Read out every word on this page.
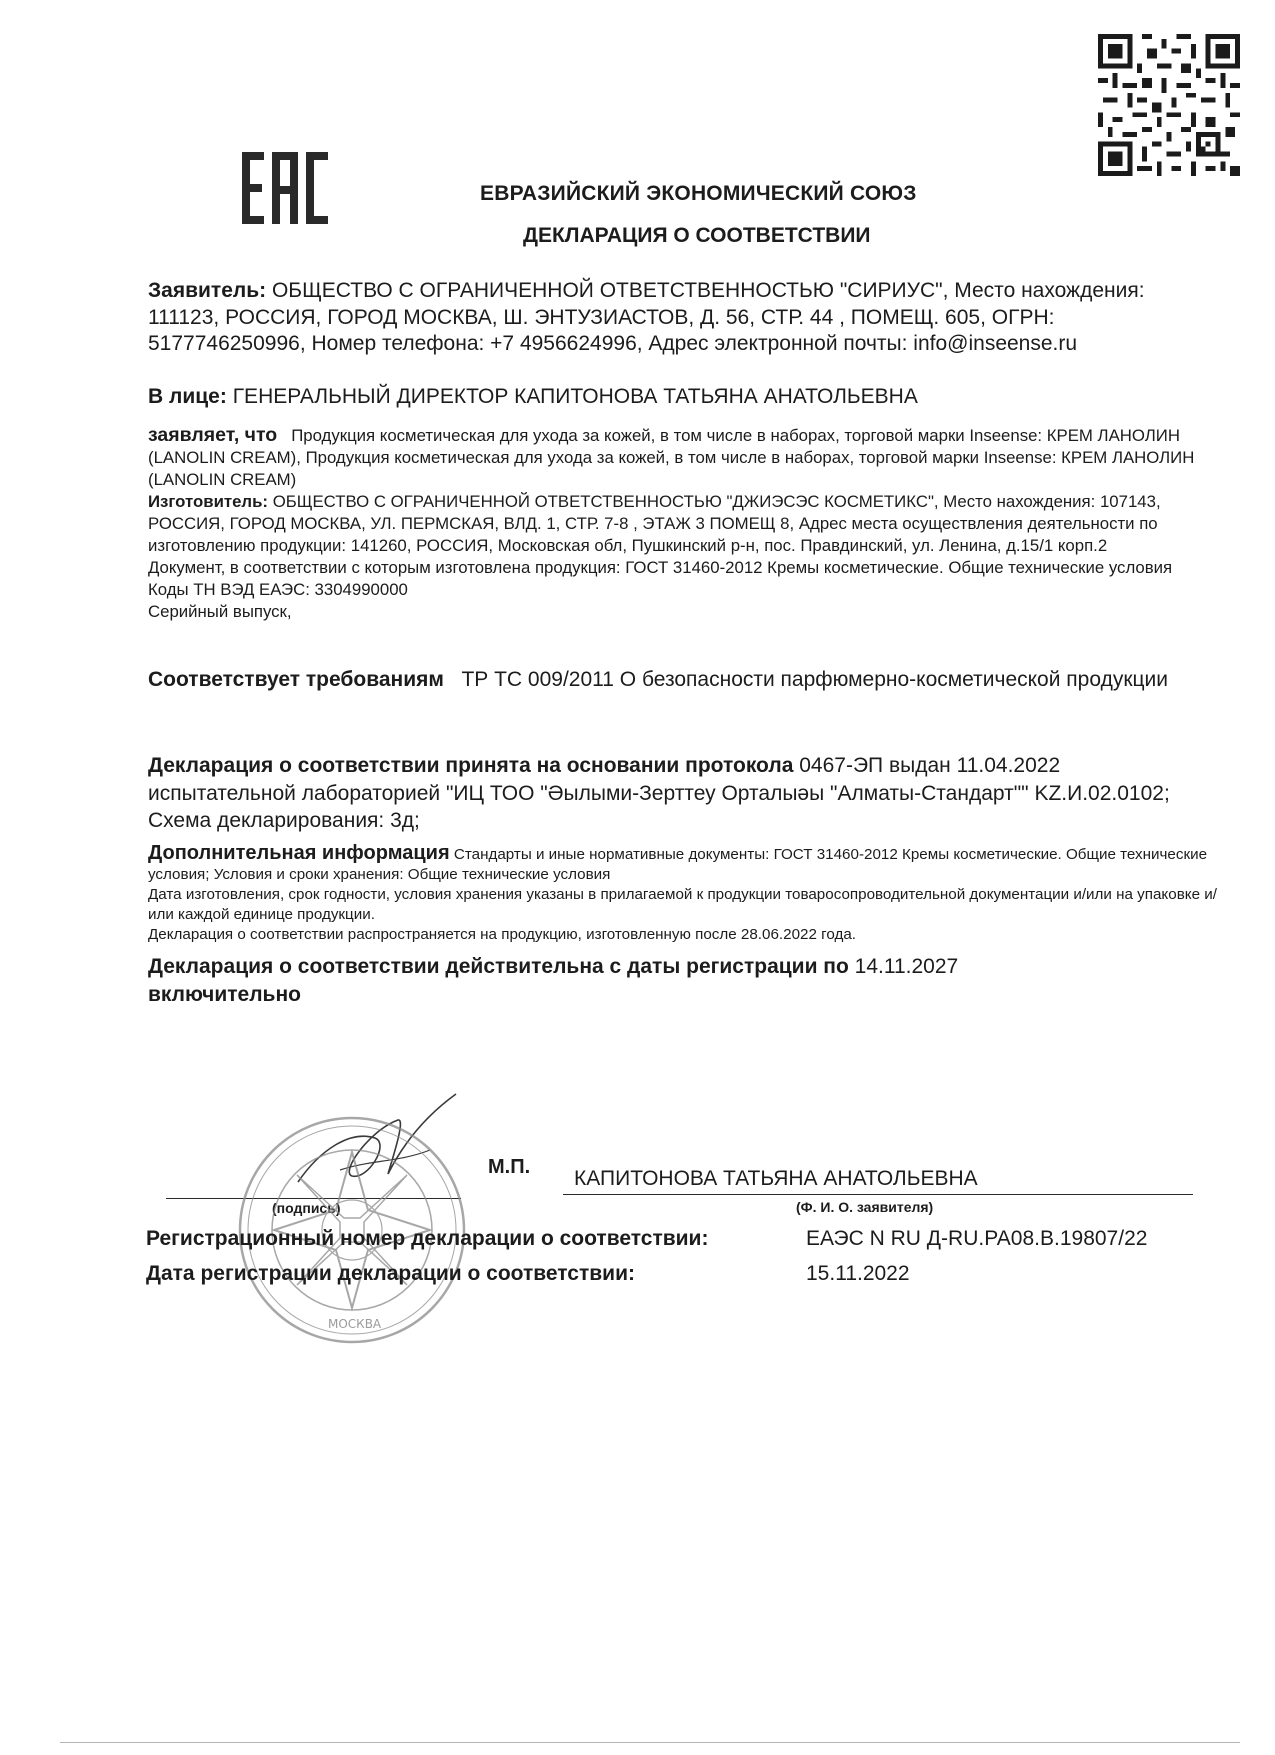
ЕВРАЗИЙСКИЙ ЭКОНОМИЧЕСКИЙ СОЮЗ
ДЕКЛАРАЦИЯ О СООТВЕТСТВИИ
Заявитель: ОБЩЕСТВО С ОГРАНИЧЕННОЙ ОТВЕТСТВЕННОСТЬЮ "СИРИУС", Место нахождения: 111123, РОССИЯ, ГОРОД МОСКВА, Ш. ЭНТУЗИАСТОВ, Д. 56, СТР. 44 , ПОМЕЩ. 605, ОГРН: 5177746250996, Номер телефона: +7 4956624996, Адрес электронной почты: info@inseense.ru
В лице: ГЕНЕРАЛЬНЫЙ ДИРЕКТОР КАПИТОНОВА ТАТЬЯНА АНАТОЛЬЕВНА

заявляет, что Продукция косметическая для ухода за кожей, в том числе в наборах, торговой марки Inseense: КРЕМ ЛАНОЛИН (LANOLIN CREAM), Продукция косметическая для ухода за кожей, в том числе в наборах, торговой марки Inseense: КРЕМ ЛАНОЛИН (LANOLIN CREAM)

Изготовитель: ОБЩЕСТВО С ОГРАНИЧЕННОЙ ОТВЕТСТВЕННОСТЬЮ "ДЖИЭСЭС КОСМЕТИКС", Место нахождения: 107143, РОССИЯ, ГОРОД МОСКВА, УЛ. ПЕРМСКАЯ, ВЛД. 1, СТР. 7-8 , ЭТАЖ 3 ПОМЕЩ 8, Адрес места осуществления деятельности по изготовлению продукции: 141260, РОССИЯ, Московская обл, Пушкинский р-н, пос. Правдинский, ул. Ленина, д.15/1 корп.2

Документ, в соответствии с которым изготовлена продукция: ГОСТ 31460-2012 Кремы косметические. Общие технические условия

Коды ТН ВЭД ЕАЭС: 3304990000

Серийный выпуск,

Соответствует требованиям ТР ТС 009/2011 О безопасности парфюмерно-косметической продукции
Декларация о соответствии принята на основании протокола 0467-ЭП выдан 11.04.2022 испытательной лабораторией "ИЦ ТОО "Әылыми-Зерттеу Орталыәы "Алматы-Стандарт"" KZ.И.02.0102; Схема декларирования: 3д;
Дополнительная информация Стандарты и иные нормативные документы: ГОСТ 31460-2012 Кремы косметические. Общие технические условия; Условия и сроки хранения: Общие технические условия
Дата изготовления, срок годности, условия хранения указаны в прилагаемой к продукции товаросопроводительной документации и/или на упаковке и/или каждой единице продукции.
Декларация о соответствии распространяется на продукцию, изготовленную после 28.06.2022 года.
Декларация о соответствии действительна с даты регистрации по 14.11.2027
включительно
(подпись)
М.П. КАПИТОНОВА ТАТЬЯНА АНАТОЛЬЕВНА
(Ф. И. О. заявителя)
МОСКВА
Регистрационный номер декларации о соответствии:	ЕАЭС N RU Д-RU.РА08.В.19807/22
Дата регистрации декларации о соответствии:	15.11.2022
